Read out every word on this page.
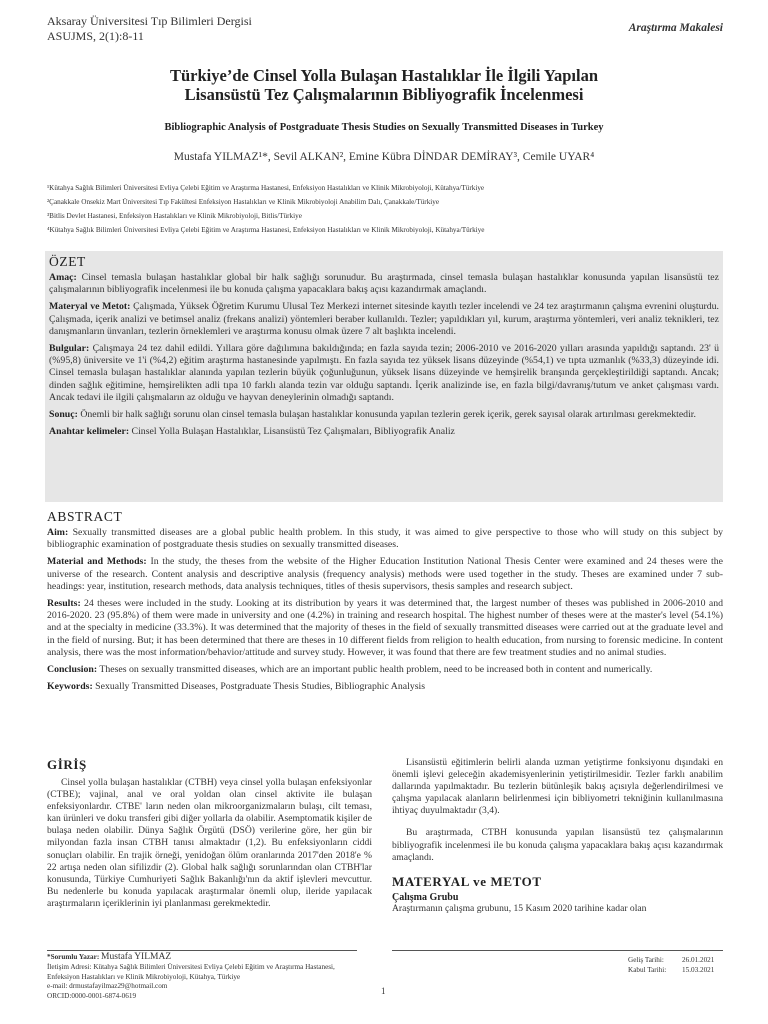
Aksaray Üniversitesi Tıp Bilimleri Dergisi
ASUJMS, 2(1):8-11
Araştırma Makalesi
Türkiye’de Cinsel Yolla Bulaşan Hastalıklar İle İlgili Yapılan
Lisansüstü Tez Çalışmalarının Bibliyografik İncelenmesi
Bibliographic Analysis of Postgraduate Thesis Studies on Sexually Transmitted Diseases in Turkey
Mustafa YILMAZ¹*, Sevil ALKAN², Emine Kübra DİNDAR DEMİRAY³, Cemile UYAR⁴
¹Kütahya Sağlık Bilimleri Üniversitesi Evliya Çelebi Eğitim ve Araştırma Hastanesi, Enfeksiyon Hastalıkları ve Klinik Mikrobiyoloji, Kütahya/Türkiye
²Çanakkale Onsekiz Mart Üniversitesi Tıp Fakültesi Enfeksiyon Hastalıkları ve Klinik Mikrobiyoloji Anabilim Dalı, Çanakkale/Türkiye
³Bitlis Devlet Hastanesi, Enfeksiyon Hastalıkları ve Klinik Mikrobiyoloji, Bitlis/Türkiye
⁴Kütahya Sağlık Bilimleri Üniversitesi Evliya Çelebi Eğitim ve Araştırma Hastanesi, Enfeksiyon Hastalıkları ve Klinik Mikrobiyoloji, Kütahya/Türkiye
ÖZET

Amaç: Cinsel temasla bulaşan hastalıklar global bir halk sağlığı sorunudur. Bu araştırmada, cinsel temasla bulaşan hastalıklar konusunda yapılan lisansüstü tez çalışmalarının bibliyografik incelenmesi ile bu konuda çalışma yapacaklara bakış açısı kazandırmak amaçlandı.

Materyal ve Metot: Çalışmada, Yüksek Öğretim Kurumu Ulusal Tez Merkezi internet sitesinde kayıtlı tezler incelendi ve 24 tez araştırmanın çalışma evrenini oluşturdu. Çalışmada, içerik analizi ve betimsel analiz (frekans analizi) yöntemleri beraber kullanıldı. Tezler; yapıldıkları yıl, kurum, araştırma yöntemleri, veri analiz teknikleri, tez danışmanların ünvanları, tezlerin örneklemleri ve araştırma konusu olmak üzere 7 alt başlıkta incelendi.

Bulgular: Çalışmaya 24 tez dahil edildi. Yıllara göre dağılımına bakıldığında; en fazla sayıda tezin; 2006-2010 ve 2016-2020 yılları arasında yapıldığı saptandı. 23' ü (%95,8) üniversite ve 1'i (%4,2) eğitim araştırma hastanesinde yapılmıştı. En fazla sayıda tez yüksek lisans düzeyinde (%54,1) ve tıpta uzmanlık (%33,3) düzeyinde idi. Cinsel temasla bulaşan hastalıklar alanında yapılan tezlerin büyük çoğunluğunun, yüksek lisans düzeyinde ve hemşirelik branşında gerçekleştirildiği saptandı. Ancak; dinden sağlık eğitimine, hemşirelikten adli tıpa 10 farklı alanda tezin var olduğu saptandı. İçerik analizinde ise, en fazla bilgi/davranış/tutum ve anket çalışması vardı. Ancak tedavi ile ilgili çalışmaların az olduğu ve hayvan deneylerinin olmadığı saptandı.

Sonuç: Önemli bir halk sağlığı sorunu olan cinsel temasla bulaşan hastalıklar konusunda yapılan tezlerin gerek içerik, gerek sayısal olarak artırılması gerekmektedir.

Anahtar kelimeler: Cinsel Yolla Bulaşan Hastalıklar, Lisansüstü Tez Çalışmaları, Bibliyografik Analiz

ABSTRACT

Aim: Sexually transmitted diseases are a global public health problem. In this study, it was aimed to give perspective to those who will study on this subject by bibliographic examination of postgraduate thesis studies on sexually transmitted diseases.

Material and Methods: In the study, the theses from the website of the Higher Education Institution National Thesis Center were examined and 24 theses were the universe of the research. Content analysis and descriptive analysis (frequency analysis) methods were used together in the study. Theses are examined under 7 sub-headings: year, institution, research methods, data analysis techniques, titles of thesis supervisors, thesis samples and research subject.

Results: 24 theses were included in the study. Looking at its distribution by years it was determined that, the largest number of theses was published in 2006-2010 and 2016-2020. 23 (95.8%) of them were made in university and one (4.2%) in training and research hospital. The highest number of theses were at the master's level (54.1%) and at the specialty in medicine (33.3%). It was determined that the majority of theses in the field of sexually transmitted diseases were carried out at the graduate level and in the field of nursing. But; it has been determined that there are theses in 10 different fields from religion to health education, from nursing to forensic medicine. In content analysis, there was the most information/behavior/attitude and survey study. However, it was found that there are few treatment studies and no animal studies.

Conclusion: Theses on sexually transmitted diseases, which are an important public health problem, need to be increased both in content and numerically.

Keywords: Sexually Transmitted Diseases, Postgraduate Thesis Studies, Bibliographic Analysis

GİRİŞ

Cinsel yolla bulaşan hastalıklar (CTBH) veya cinsel yolla bulaşan enfeksiyonlar (CTBE); vajinal, anal ve oral yoldan olan cinsel aktivite ile bulaşan enfeksiyonlardır. CTBE' ların neden olan mikroorganizmaların bulaşı, cilt teması, kan ürünleri ve doku transferi gibi diğer yollarla da olabilir. Asemptomatik kişiler de bulaşa neden olabilir. Dünya Sağlık Örgütü (DSÖ) verilerine göre, her gün bir milyondan fazla insan CTBH tanısı almaktadır (1,2). Bu enfeksiyonların ciddi sonuçları olabilir. En trajik örneği, yenidoğan ölüm oranlarında 2017'den 2018'e % 22 artışa neden olan sifilizdir (2). Global halk sağlığı sorunlarından olan CTBH'lar konusunda, Türkiye Cumhuriyeti Sağlık Bakanlığı'nın da aktif işlevleri mevcuttur. Bu nedenlerle bu konuda yapılacak araştırmalar önemli olup, ileride yapılacak araştırmaların içeriklerinin iyi planlanması gerekmektedir.

Lisansüstü eğitimlerin belirli alanda uzman yetiştirme fonksiyonu dışındaki en önemli işlevi geleceğin akademisyenlerinin yetiştirilmesidir. Tezler farklı anabilim dallarında yapılmaktadır. Bu tezlerin bütünleşik bakış açısıyla değerlendirilmesi ve çalışma yapılacak alanların belirlenmesi için bibliyometri tekniğinin kullanılmasına ihtiyaç duyulmaktadır (3,4).

Bu araştırmada, CTBH konusunda yapılan lisansüstü tez çalışmalarının bibliyografik incelenmesi ile bu konuda çalışma yapacaklara bakış açısı kazandırmak amaçlandı.

MATERYAL ve METOT
Çalışma Grubu

Araştırmanın çalışma grubunu, 15 Kasım 2020 tarihine kadar olan

*Sorumlu Yazar: Mustafa YILMAZ
İletişim Adresi: Kütahya Sağlık Bilimleri Üniversitesi Evliya Çelebi Eğitim ve Araştırma Hastanesi, Enfeksiyon Hastalıkları ve Klinik Mikrobiyoloji, Kütahya, Türkiye
e-mail: drmustafayilmaz29@hotmail.com
ORCID:0000-0001-6874-0619
Geliş Tarihi:	26.01.2021
Kabul Tarihi: 15.03.2021
1
